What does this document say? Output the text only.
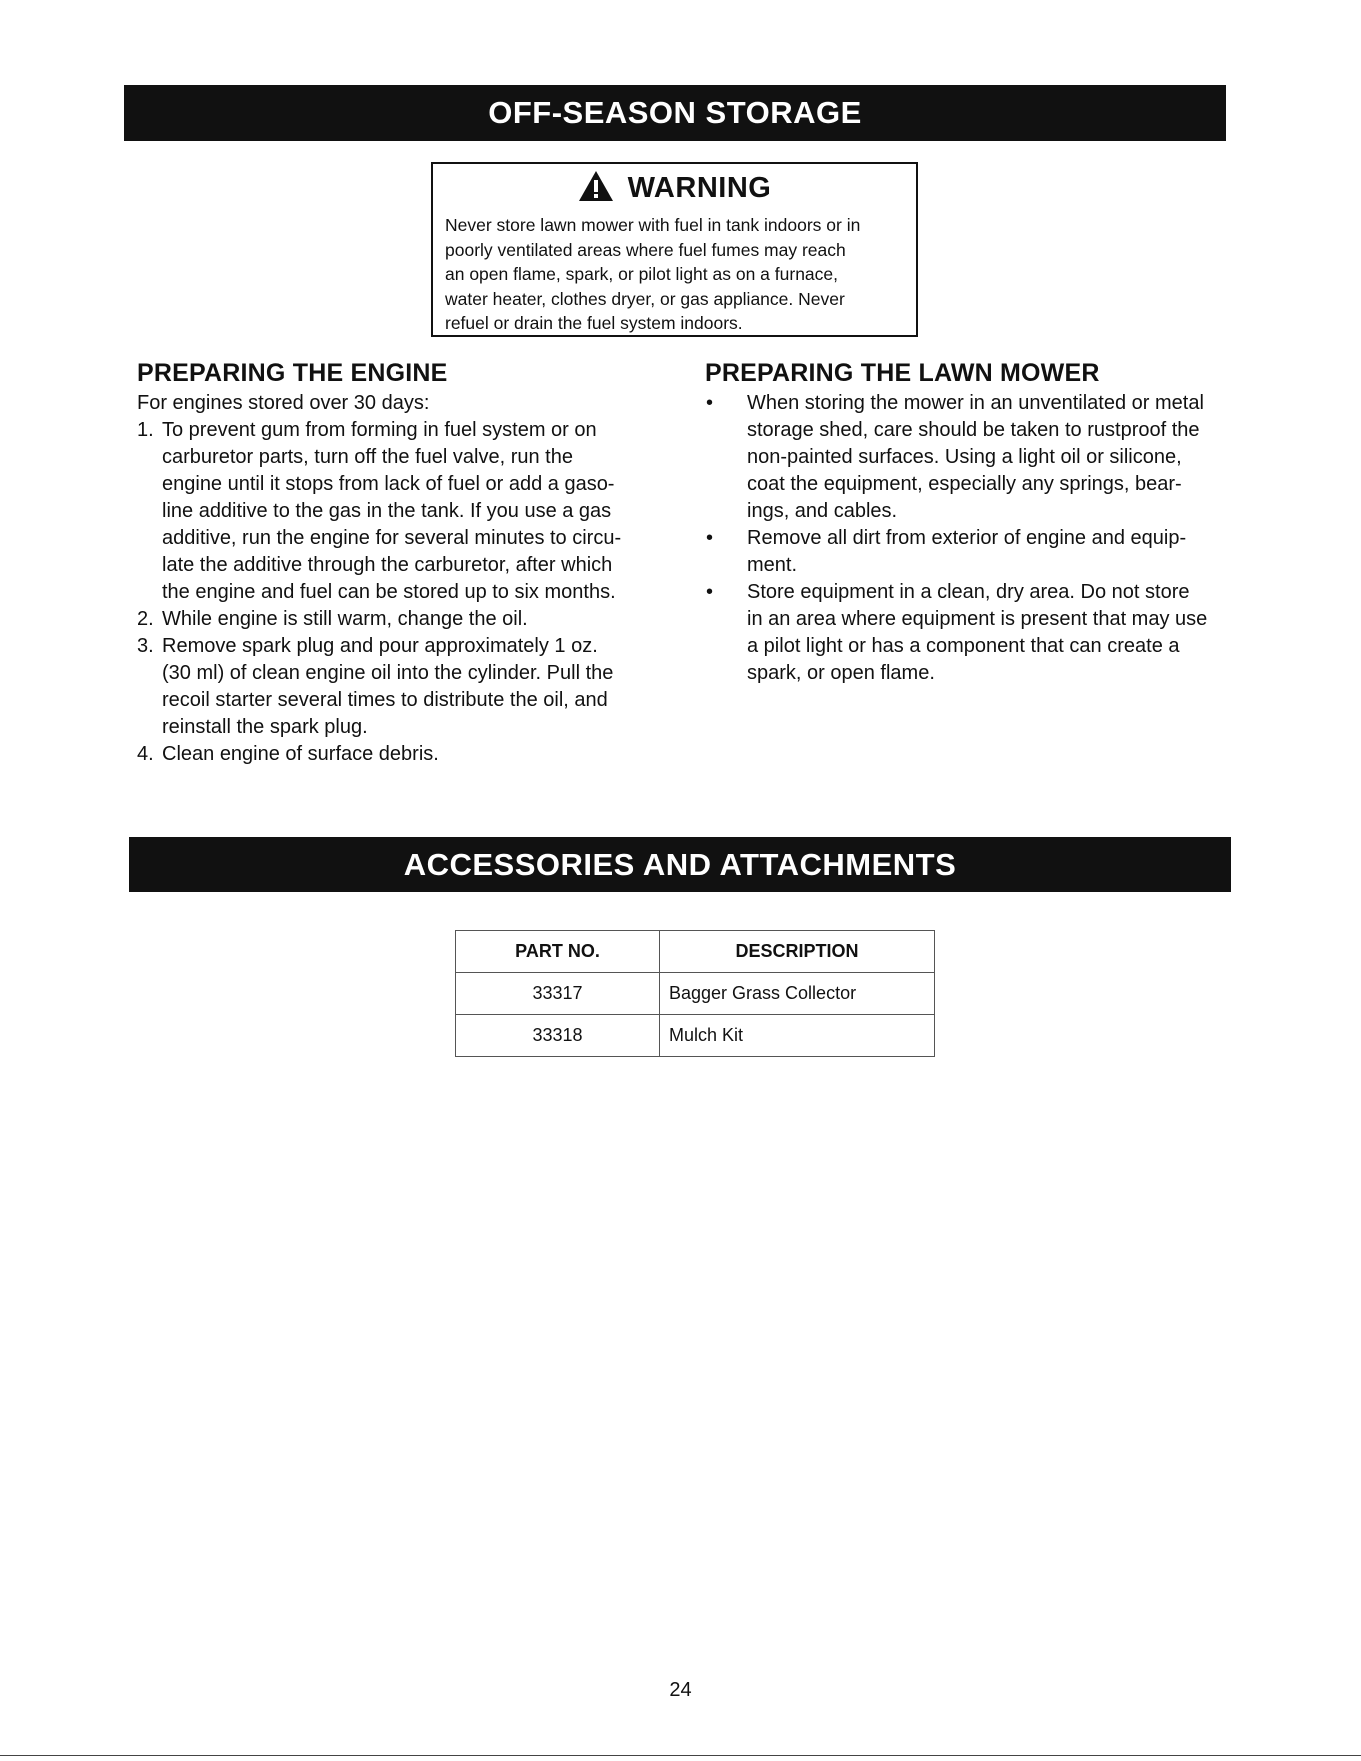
OFF-SEASON STORAGE
WARNING
Never store lawn mower with fuel in tank indoors or in
poorly ventilated areas where fuel fumes may reach
an open flame, spark, or pilot light as on a furnace,
water heater, clothes dryer, or gas appliance. Never
refuel or drain the fuel system indoors.
PREPARING THE ENGINE

For engines stored over 30 days:

1. To prevent gum from forming in fuel system or on
carburetor parts, turn off the fuel valve, run the
engine until it stops from lack of fuel or add a gaso-
line additive to the gas in the tank. If you use a gas
additive, run the engine for several minutes to circu-
late the additive through the carburetor, after which
the engine and fuel can be stored up to six months.
2. While engine is still warm, change the oil.
3. Remove spark plug and pour approximately 1 oz.
(30 ml) of clean engine oil into the cylinder. Pull the
recoil starter several times to distribute the oil, and
reinstall the spark plug.
4. Clean engine of surface debris.
PREPARING THE LAWN MOWER
•	When storing the mower in an unventilated or metal
storage shed, care should be taken to rustproof the
non-painted surfaces. Using a light oil or silicone,
coat the equipment, especially any springs, bear-
ings, and cables.
•	Remove all dirt from exterior of engine and equip-
ment.
•	Store equipment in a clean, dry area. Do not store
in an area where equipment is present that may use
a pilot light or has a component that can create a
spark, or open flame.
ACCESSORIES AND ATTACHMENTS
PART NO.	DESCRIPTION
33317	Bagger Grass Collector
33318	Mulch Kit
24
